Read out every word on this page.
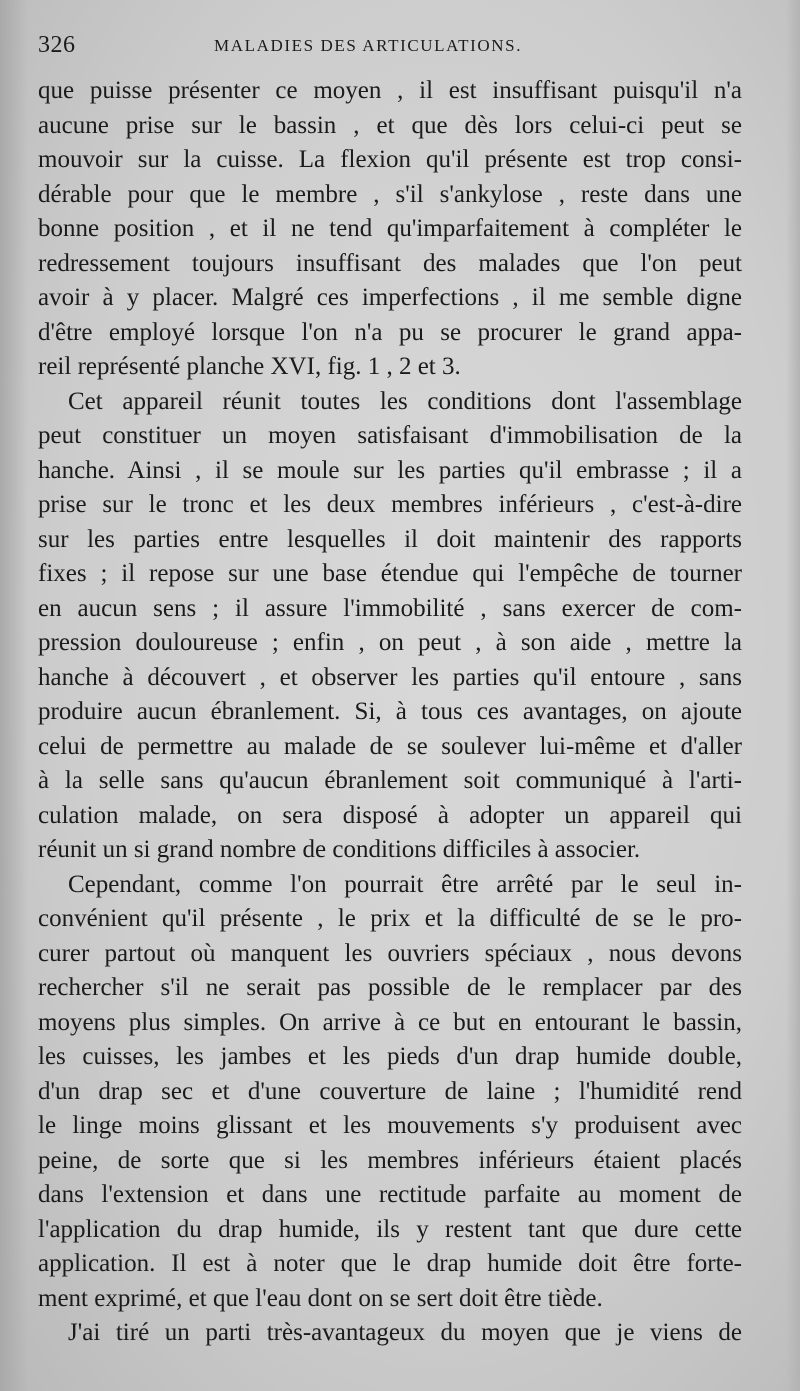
326	MALADIES DES ARTICULATIONS.
que puisse présenter ce moyen , il est insuffisant puisqu'il n'a
aucune prise sur le bassin , et que dès lors celui-ci peut se
mouvoir sur la cuisse. La flexion qu'il présente est trop consi-
dérable pour que le membre , s'il s'ankylose , reste dans une
bonne position , et il ne tend qu'imparfaitement à compléter le
redressement toujours insuffisant des malades que l'on peut
avoir à y placer. Malgré ces imperfections , il me semble digne
d'être employé lorsque l'on n'a pu se procurer le grand appa-
reil représenté planche XVI, fig. 1 , 2 et 3.
Cet appareil réunit toutes les conditions dont l'assemblage
peut constituer un moyen satisfaisant d'immobilisation de la
hanche. Ainsi , il se moule sur les parties qu'il embrasse ; il a
prise sur le tronc et les deux membres inférieurs , c'est-à-dire
sur les parties entre lesquelles il doit maintenir des rapports
fixes ; il repose sur une base étendue qui l'empêche de tourner
en aucun sens ; il assure l'immobilité , sans exercer de com-
pression douloureuse ; enfin , on peut , à son aide , mettre la
hanche à découvert , et observer les parties qu'il entoure , sans
produire aucun ébranlement. Si, à tous ces avantages, on ajoute
celui de permettre au malade de se soulever lui-même et d'aller
à la selle sans qu'aucun ébranlement soit communiqué à l'arti-
culation malade, on sera disposé à adopter un appareil qui
réunit un si grand nombre de conditions difficiles à associer.
Cependant, comme l'on pourrait être arrêté par le seul in-
convénient qu'il présente , le prix et la difficulté de se le pro-
curer partout où manquent les ouvriers spéciaux , nous devons
rechercher s'il ne serait pas possible de le remplacer par des
moyens plus simples. On arrive à ce but en entourant le bassin,
les cuisses, les jambes et les pieds d'un drap humide double,
d'un drap sec et d'une couverture de laine ; l'humidité rend
le linge moins glissant et les mouvements s'y produisent avec
peine, de sorte que si les membres inférieurs étaient placés
dans l'extension et dans une rectitude parfaite au moment de
l'application du drap humide, ils y restent tant que dure cette
application. Il est à noter que le drap humide doit être forte-
ment exprimé, et que l'eau dont on se sert doit être tiède.
J'ai tiré un parti très-avantageux du moyen que je viens de
